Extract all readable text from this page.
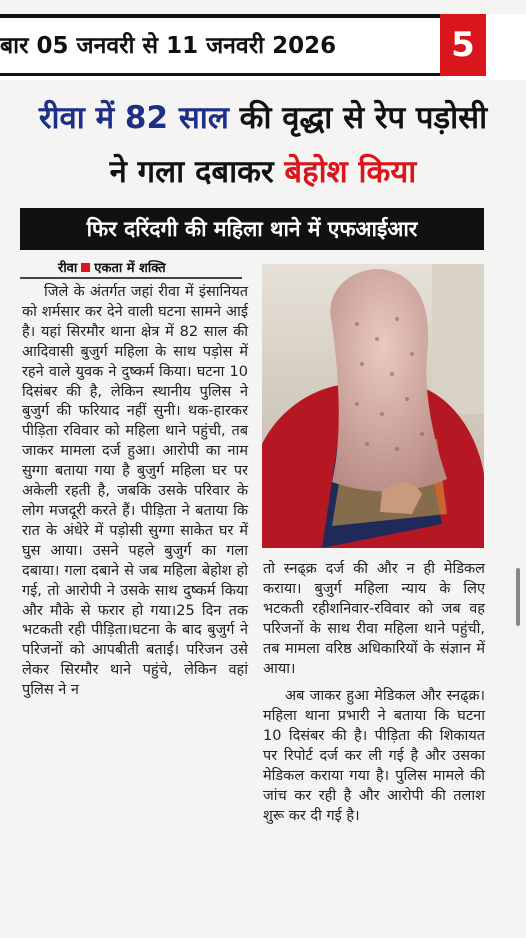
बार 05 जनवरी से 11 जनवरी 2026	5
रीवा में 82 साल की वृद्धा से रेप पड़ोसी
ने गला दबाकर बेहोश किया
फिर दरिंदगी की महिला थाने में एफआईआर
रीवा एकता में शक्ति

जिले के अंतर्गत जहां रीवा में इंसानियत को शर्मसार कर देने वाली घटना सामने आई है। यहां सिरमौर थाना क्षेत्र में 82 साल की आदिवासी बुजुर्ग महिला के साथ पड़ोस में रहने वाले युवक ने दुष्कर्म किया। घटना 10 दिसंबर की है, लेकिन स्थानीय पुलिस ने बुजुर्ग की फरियाद नहीं सुनी। थक-हारकर पीड़िता रविवार को महिला थाने पहुंची, तब जाकर मामला दर्ज हुआ। आरोपी का नाम सुग्गा बताया गया है बुजुर्ग महिला घर पर अकेली रहती है, जबकि उसके परिवार के लोग मजदूरी करते हैं। पीड़िता ने बताया कि रात के अंधेरे में पड़ोसी सुग्गा साकेत घर में घुस आया। उसने पहले बुजुर्ग का गला दबाया। गला दबाने से जब महिला बेहोश हो गई, तो आरोपी ने उसके साथ दुष्कर्म किया और मौके से फरार हो गया।25 दिन तक भटकती रही पीड़िता।घटना के बाद बुजुर्ग ने परिजनों को आपबीती बताई। परिजन उसे लेकर सिरमौर थाने पहुंचे, लेकिन वहां पुलिस ने न

तो स्नढ्क्र दर्ज की और न ही मेडिकल कराया। बुजुर्ग महिला न्याय के लिए भटकती रहीशनिवार-रविवार को जब वह परिजनों के साथ रीवा महिला थाने पहुंची, तब मामला वरिष्ठ अधिकारियों के संज्ञान में आया।

अब जाकर हुआ मेडिकल और स्नढ्क्र।महिला थाना प्रभारी ने बताया कि घटना 10 दिसंबर की है। पीड़िता की शिकायत पर रिपोर्ट दर्ज कर ली गई है और उसका मेडिकल कराया गया है। पुलिस मामले की जांच कर रही है और आरोपी की तलाश शुरू कर दी गई है।
